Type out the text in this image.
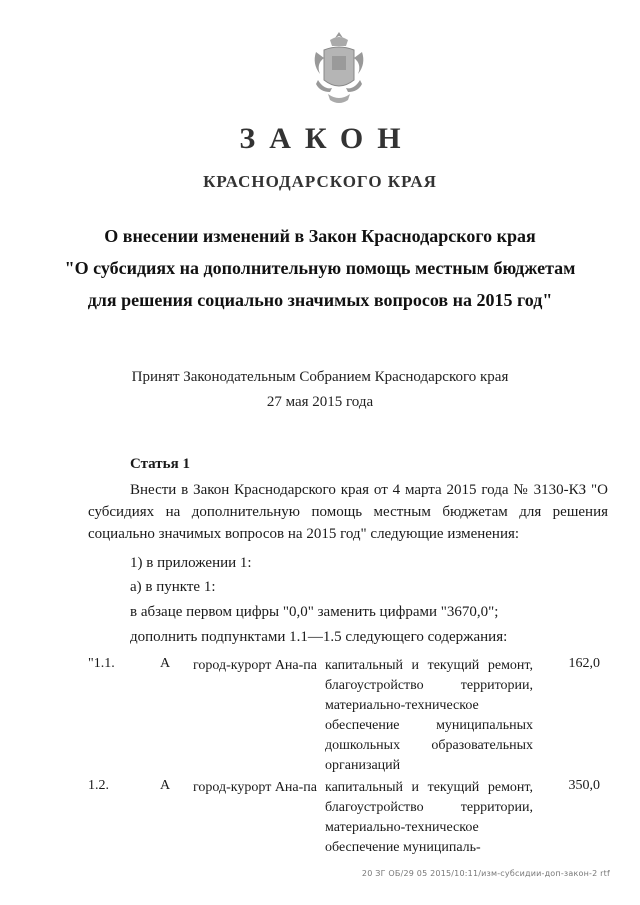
ЗАКОН
КРАСНОДАРСКОГО КРАЯ
О внесении изменений в Закон Краснодарского края
"О субсидиях на дополнительную помощь местным бюджетам
для решения социально значимых вопросов на 2015 год"
Принят Законодательным Собранием Краснодарского края
27 мая 2015 года
Статья 1
Внести в Закон Краснодарского края от 4 марта 2015 года № 3130-КЗ "О субсидиях на дополнительную помощь местным бюджетам для решения социально значимых вопросов на 2015 год" следующие изменения:
1) в приложении 1:
а) в пункте 1:
в абзаце первом цифры "0,0" заменить цифрами "3670,0";
дополнить подпунктами 1.1—1.5 следующего содержания:
"1.1.	А город-курорт Ана-па капитальный и текущий ремонт, благоустройство территории, материально-техническое обеспечение муниципальных дошкольных образовательных организаций
162,0
1.2.	А город-курорт Ана-па капитальный и текущий ремонт, благоустройство территории, материально-техническое обеспечение муниципаль-
350,0
20 ЗГ ОБ/29 05 2015/10:11/изм-субсидии-доп-закон-2 rtf
